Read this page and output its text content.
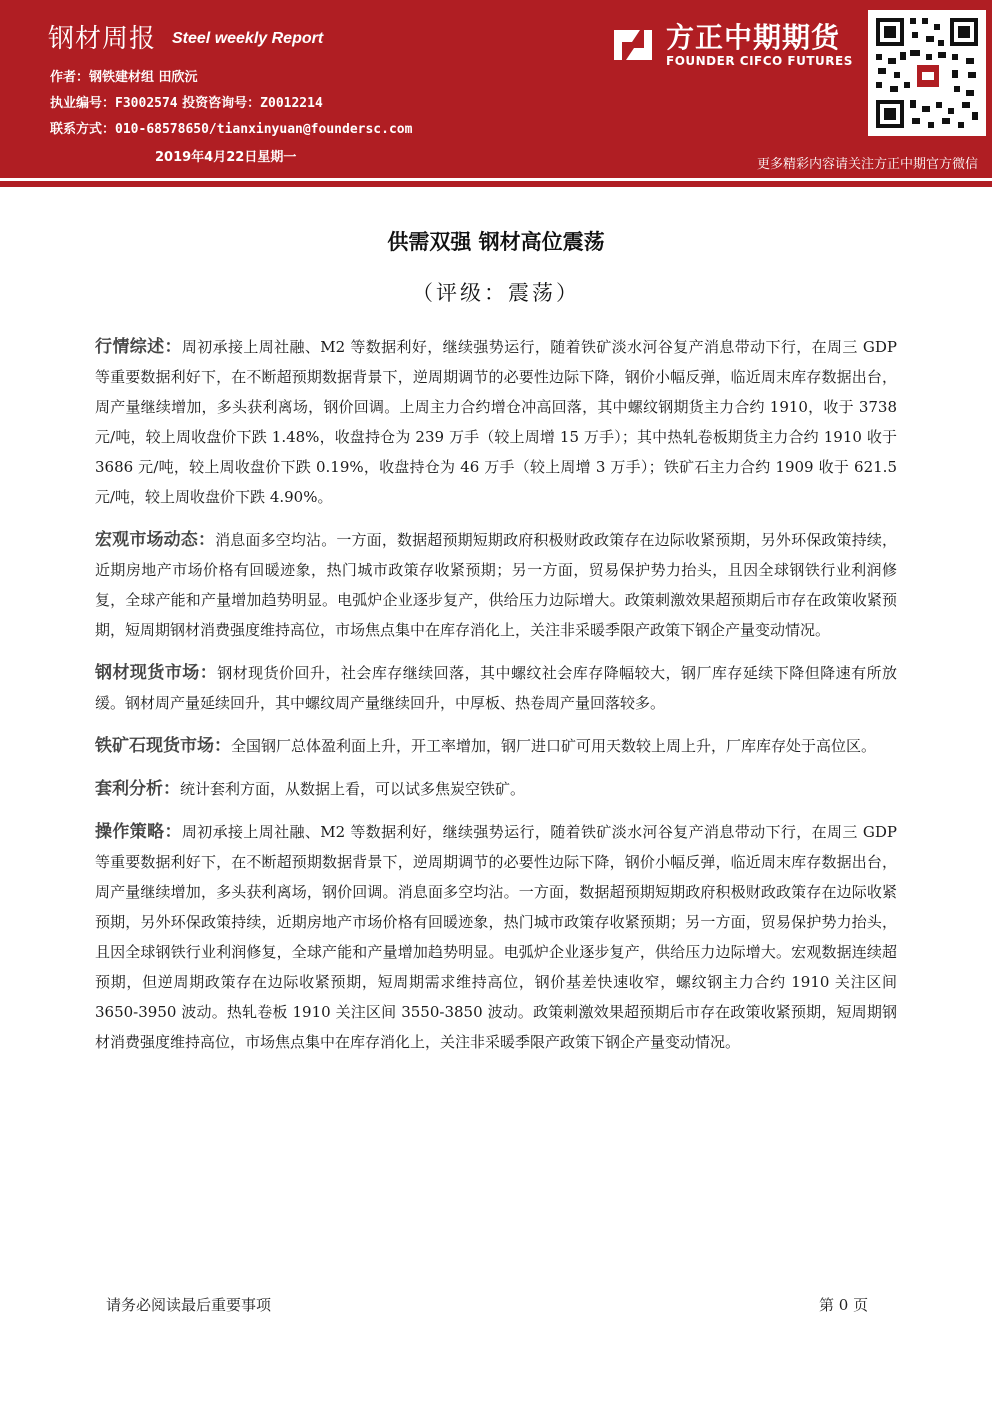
钢材周报 Steel weekly Report
作者：钢铁建材组 田欣沅
执业编号：F3002574 投资咨询号：Z0012214
联系方式：010-68578650/tianxinyuan@foundersc.com
2019年4月22日星期一
方正中期期货
FOUNDER CIFCO FUTURES
更多精彩内容请关注方正中期官方微信
供需双强 钢材高位震荡
（评级：震荡）

行情综述：周初承接上周社融、M2 等数据利好，继续强势运行，随着铁矿淡水河谷复产消息带动下行，在周三 GDP 等重要数据利好下，在不断超预期数据背景下，逆周期调节的必要性边际下降，钢价小幅反弹，临近周末库存数据出台，周产量继续增加，多头获利离场，钢价回调。上周主力合约增仓冲高回落，其中螺纹钢期货主力合约 1910，收于 3738 元/吨，较上周收盘价下跌 1.48%，收盘持仓为 239 万手（较上周增 15 万手）；其中热轧卷板期货主力合约 1910 收于 3686 元/吨，较上周收盘价下跌 0.19%，收盘持仓为 46 万手（较上周增 3 万手）；铁矿石主力合约 1909 收于 621.5 元/吨，较上周收盘价下跌 4.90%。

宏观市场动态：消息面多空均沾。一方面，数据超预期短期政府积极财政政策存在边际收紧预期，另外环保政策持续，近期房地产市场价格有回暖迹象，热门城市政策存收紧预期；另一方面，贸易保护势力抬头，且因全球钢铁行业利润修复，全球产能和产量增加趋势明显。电弧炉企业逐步复产，供给压力边际增大。政策刺激效果超预期后市存在政策收紧预期，短周期钢材消费强度维持高位，市场焦点集中在库存消化上，关注非采暖季限产政策下钢企产量变动情况。

钢材现货市场：钢材现货价回升，社会库存继续回落，其中螺纹社会库存降幅较大，钢厂库存延续下降但降速有所放缓。钢材周产量延续回升，其中螺纹周产量继续回升，中厚板、热卷周产量回落较多。

铁矿石现货市场：全国钢厂总体盈利面上升，开工率增加，钢厂进口矿可用天数较上周上升，厂库库存处于高位区。

套利分析：统计套利方面，从数据上看，可以试多焦炭空铁矿。

操作策略：周初承接上周社融、M2 等数据利好，继续强势运行，随着铁矿淡水河谷复产消息带动下行，在周三 GDP 等重要数据利好下，在不断超预期数据背景下，逆周期调节的必要性边际下降，钢价小幅反弹，临近周末库存数据出台，周产量继续增加，多头获利离场，钢价回调。消息面多空均沾。一方面，数据超预期短期政府积极财政政策存在边际收紧预期，另外环保政策持续，近期房地产市场价格有回暖迹象，热门城市政策存收紧预期；另一方面，贸易保护势力抬头，且因全球钢铁行业利润修复，全球产能和产量增加趋势明显。电弧炉企业逐步复产，供给压力边际增大。宏观数据连续超预期，但逆周期政策存在边际收紧预期，短周期需求维持高位，钢价基差快速收窄，螺纹钢主力合约 1910 关注区间 3650-3950 波动。热轧卷板 1910 关注区间 3550-3850 波动。政策刺激效果超预期后市存在政策收紧预期，短周期钢材消费强度维持高位，市场焦点集中在库存消化上，关注非采暖季限产政策下钢企产量变动情况。

请务必阅读最后重要事项	第 0 页
